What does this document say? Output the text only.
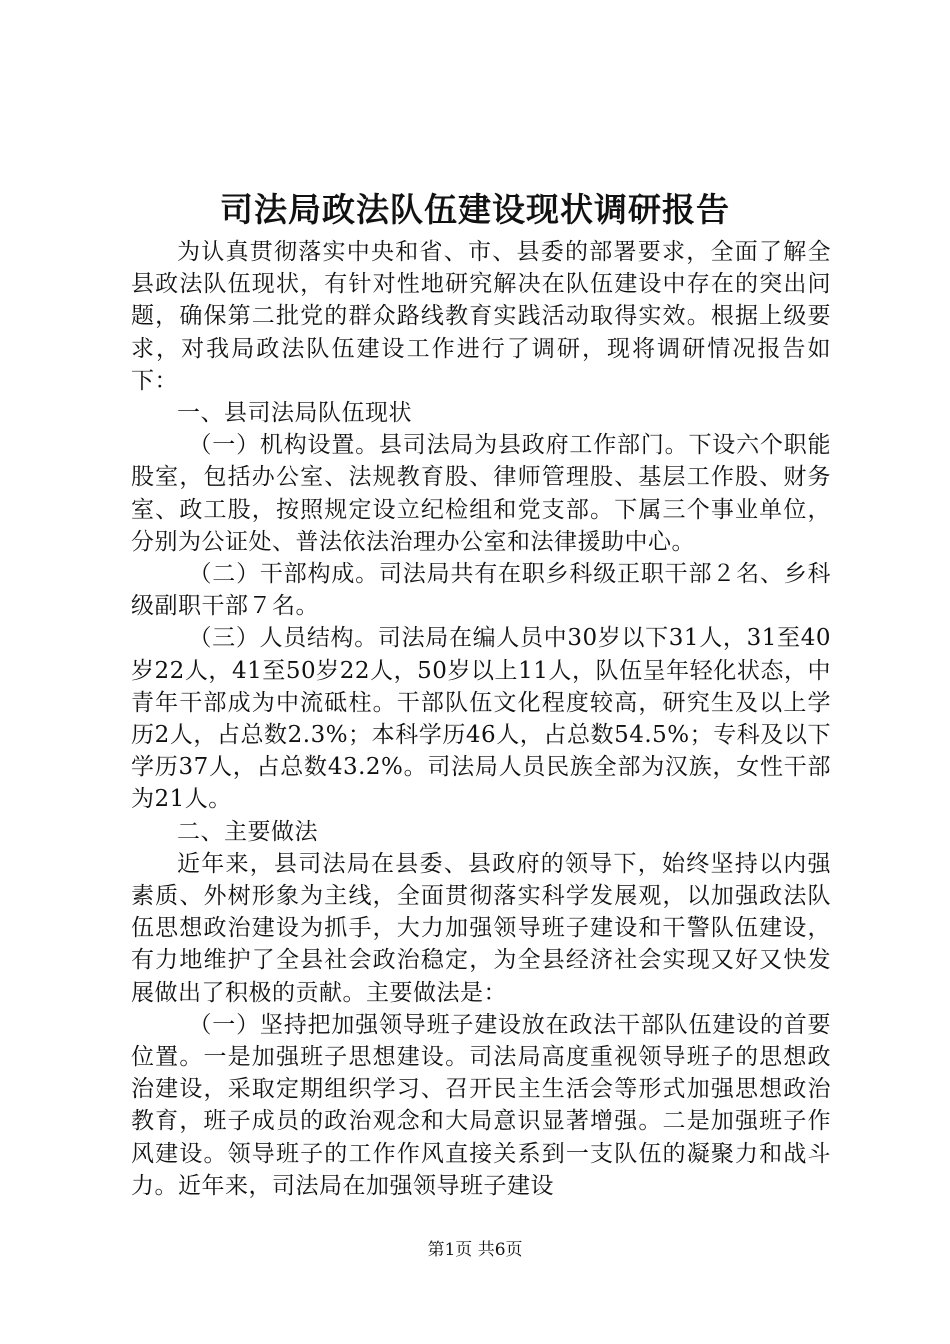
司法局政法队伍建设现状调研报告

为认真贯彻落实中央和省、市、县委的部署要求，全面了解全县政法队伍现状，有针对性地研究解决在队伍建设中存在的突出问题，确保第二批党的群众路线教育实践活动取得实效。根据上级要求，对我局政法队伍建设工作进行了调研，现将调研情况报告如下：

一、县司法局队伍现状

（一）机构设置。县司法局为县政府工作部门。下设六个职能股室，包括办公室、法规教育股、律师管理股、基层工作股、财务室、政工股，按照规定设立纪检组和党支部。下属三个事业单位，分别为公证处、普法依法治理办公室和法律援助中心。

（二）干部构成。司法局共有在职乡科级正职干部２名、乡科级副职干部７名。

（三）人员结构。司法局在编人员中30岁以下31人，31至40岁22人，41至50岁22人，50岁以上11人，队伍呈年轻化状态，中青年干部成为中流砥柱。干部队伍文化程度较高，研究生及以上学历2人，占总数2.3%；本科学历46人，占总数54.5%；专科及以下学历37人，占总数43.2%。司法局人员民族全部为汉族，女性干部为21人。

二、主要做法

近年来，县司法局在县委、县政府的领导下，始终坚持以内强素质、外树形象为主线，全面贯彻落实科学发展观，以加强政法队伍思想政治建设为抓手，大力加强领导班子建设和干警队伍建设，有力地维护了全县社会政治稳定，为全县经济社会实现又好又快发展做出了积极的贡献。主要做法是：

（一）坚持把加强领导班子建设放在政法干部队伍建设的首要位置。一是加强班子思想建设。司法局高度重视领导班子的思想政治建设，采取定期组织学习、召开民主生活会等形式加强思想政治教育，班子成员的政治观念和大局意识显著增强。二是加强班子作风建设。领导班子的工作作风直接关系到一支队伍的凝聚力和战斗力。近年来，司法局在加强领导班子建设

第1页 共6页
